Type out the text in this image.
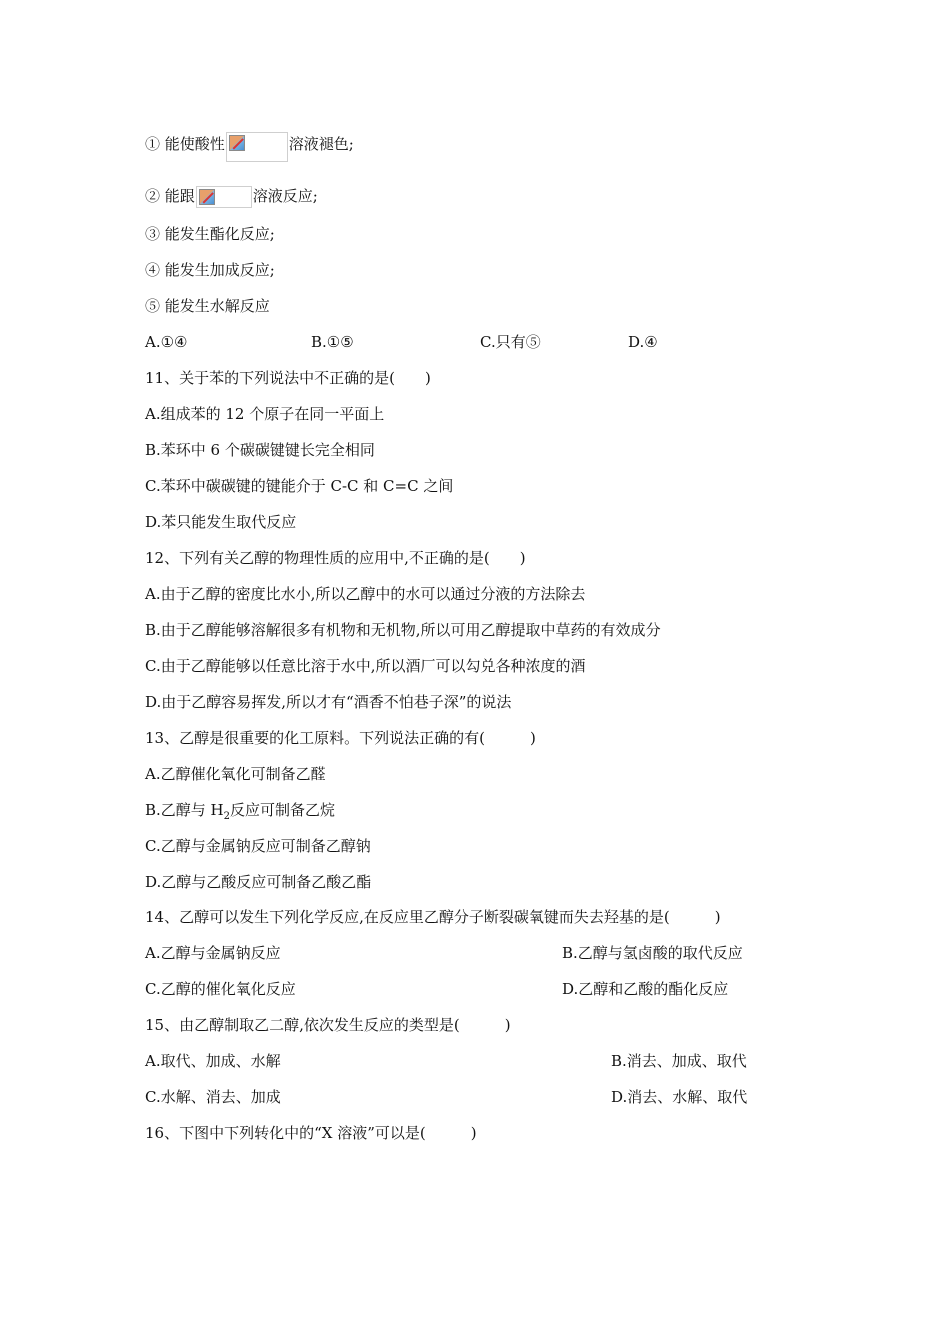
① 能使酸性	溶液褪色;
② 能跟	溶液反应;
③ 能发生酯化反应;
④ 能发生加成反应;
⑤ 能发生水解反应
A.①④	B.①⑤	C.只有⑤	D.④
11、关于苯的下列说法中不正确的是(　　)
A.组成苯的 12 个原子在同一平面上
B.苯环中 6 个碳碳键键长完全相同
C.苯环中碳碳键的键能介于 C-C 和 C=C 之间
D.苯只能发生取代反应
12、下列有关乙醇的物理性质的应用中,不正确的是(　　)
A.由于乙醇的密度比水小,所以乙醇中的水可以通过分液的方法除去
B.由于乙醇能够溶解很多有机物和无机物,所以可用乙醇提取中草药的有效成分
C.由于乙醇能够以任意比溶于水中,所以酒厂可以勾兑各种浓度的酒
D.由于乙醇容易挥发,所以才有“酒香不怕巷子深”的说法
13、乙醇是很重要的化工原料。下列说法正确的有(　　　)
A.乙醇催化氧化可制备乙醛
B.乙醇与 $H_2$反应可制备乙烷
C.乙醇与金属钠反应可制备乙醇钠
D.乙醇与乙酸反应可制备乙酸乙酯
14、乙醇可以发生下列化学反应,在反应里乙醇分子断裂碳氧键而失去羟基的是(　　　)
A.乙醇与金属钠反应	B.乙醇与氢卤酸的取代反应
C.乙醇的催化氧化反应	D.乙醇和乙酸的酯化反应
15、由乙醇制取乙二醇,依次发生反应的类型是(　　　)
A.取代、加成、水解	B.消去、加成、取代
C.水解、消去、加成	D.消去、水解、取代
16、下图中下列转化中的“X 溶液”可以是(　　　)
